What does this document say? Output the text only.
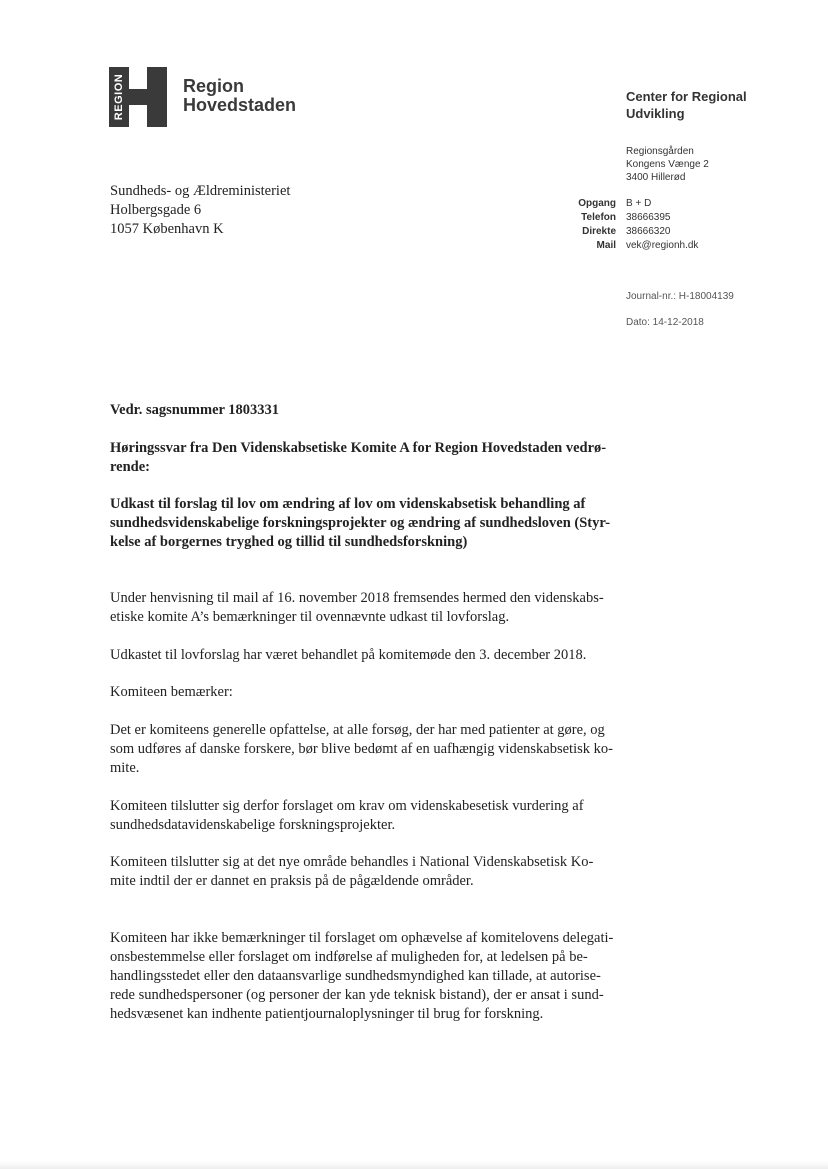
REGION	Region
Hovedstaden	Center for Regional
Udvikling
Regionsgården
Kongens Vænge 2
3400 Hillerød
Opgang	B + D
Telefon	38666395
Direkte	38666320
Mail	vek@regionh.dk
Journal-nr.: H-18004139
Dato: 14-12-2018
Sundheds- og Ældreministeriet
Holbergsgade 6
1057 København K
Vedr. sagsnummer 1803331
Høringssvar fra Den Videnskabsetiske Komite A for Region Hovedstaden vedrø-
rende:
Udkast til forslag til lov om ændring af lov om videnskabsetisk behandling af
sundhedsvidenskabelige forskningsprojekter og ændring af sundhedsloven (Styr-
kelse af borgernes tryghed og tillid til sundhedsforskning)
Under henvisning til mail af 16. november 2018 fremsendes hermed den videnskabs-
etiske komite A’s bemærkninger til ovennævnte udkast til lovforslag.
Udkastet til lovforslag har været behandlet på komitemøde den 3. december 2018.
Komiteen bemærker:
Det er komiteens generelle opfattelse, at alle forsøg, der har med patienter at gøre, og
som udføres af danske forskere, bør blive bedømt af en uafhængig videnskabsetisk ko-
mite.
Komiteen tilslutter sig derfor forslaget om krav om videnskabesetisk vurdering af
sundhedsdatavidenskabelige forskningsprojekter.
Komiteen tilslutter sig at det nye område behandles i National Videnskabsetisk Ko-
mite indtil der er dannet en praksis på de pågældende områder.
Komiteen har ikke bemærkninger til forslaget om ophævelse af komitelovens delegati-
onsbestemmelse eller forslaget om indførelse af muligheden for, at ledelsen på be-
handlingsstedet eller den dataansvarlige sundhedsmyndighed kan tillade, at autorise-
rede sundhedspersoner (og personer der kan yde teknisk bistand), der er ansat i sund-
hedsvæsenet kan indhente patientjournaloplysninger til brug for forskning.
